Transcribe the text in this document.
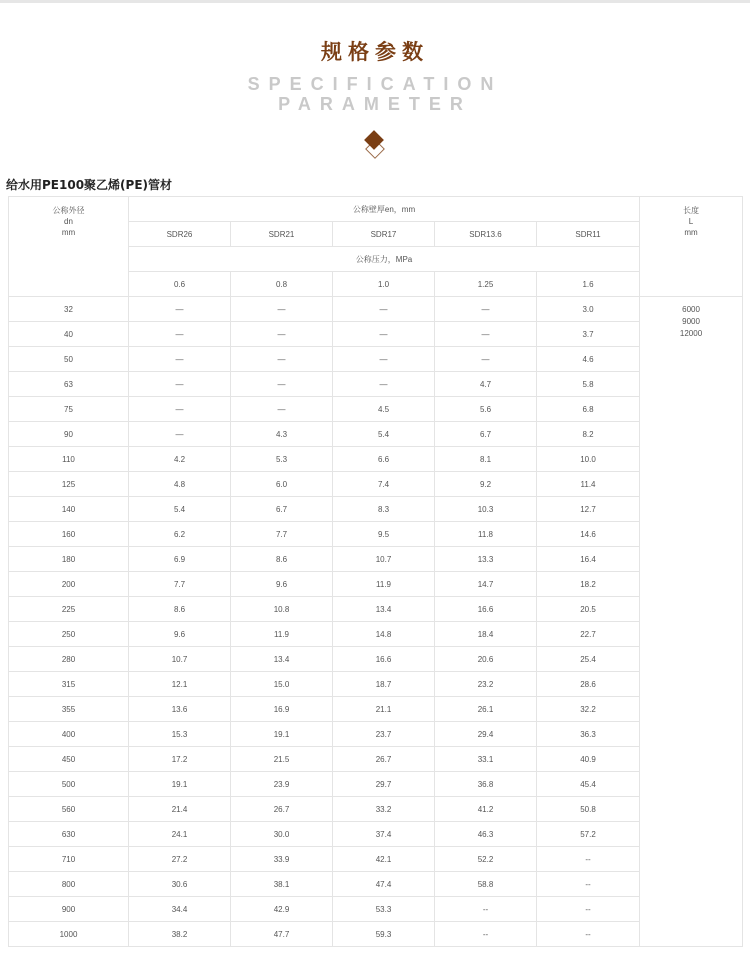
规格参数
SPECIFICATION
PARAMETER
给水用PE100聚乙烯(PE)管材
公称外径
dn
mm	公称壁厚en，mm					长度
L
mm

	SDR26	SDR21	SDR17	SDR13.6	SDR11	
	公称压力，MPa					
	0.6	0.8	1.0	1.25	1.6	
32	—	—	—	—	3.0	6000
9000
12000

40	—	—	—	—	3.7	
50	—	—	—	—	4.6	
63	—	—	—	4.7	5.8	
75	—	—	4.5	5.6	6.8	
90	—	4.3	5.4	6.7	8.2	
110	4.2	5.3	6.6	8.1	10.0	
125	4.8	6.0	7.4	9.2	11.4	
140	5.4	6.7	8.3	10.3	12.7	
160	6.2	7.7	9.5	11.8	14.6	
180	6.9	8.6	10.7	13.3	16.4	
200	7.7	9.6	11.9	14.7	18.2	
225	8.6	10.8	13.4	16.6	20.5	
250	9.6	11.9	14.8	18.4	22.7	
280	10.7	13.4	16.6	20.6	25.4	
315	12.1	15.0	18.7	23.2	28.6	
355	13.6	16.9	21.1	26.1	32.2	
400	15.3	19.1	23.7	29.4	36.3	
450	17.2	21.5	26.7	33.1	40.9	
500	19.1	23.9	29.7	36.8	45.4	
560	21.4	26.7	33.2	41.2	50.8	
630	24.1	30.0	37.4	46.3	57.2	
710	27.2	33.9	42.1	52.2	--	
800	30.6	38.1	47.4	58.8	--	
900	34.4	42.9	53.3	--	--	
1000	38.2	47.7	59.3	--	--	
